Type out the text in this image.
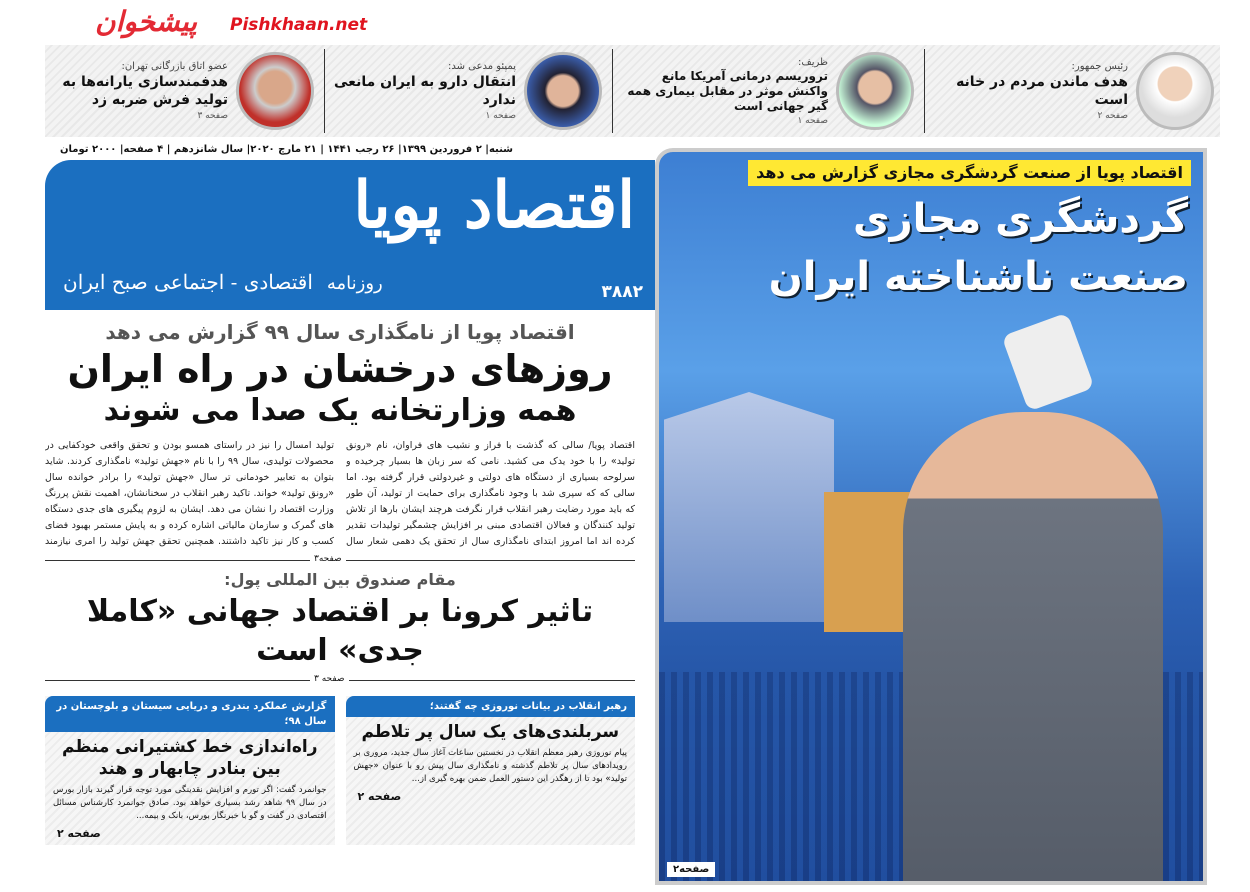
پیشخوان Pishkhaan.net
رئیس جمهور:
هدف ماندن مردم در خانه است
صفحه ۲
ظریف:
تروریسم درمانی آمریکا مانع واکنش موثر در مقابل بیماری همه گیر جهانی است
صفحه ۱
پمپئو مدعی شد:
انتقال دارو به ایران مانعی ندارد
صفحه ۱
عضو اتاق بازرگانی تهران:
هدفمندسازی یارانه‌ها به تولید فرش ضربه زد
صفحه ۳
شنبه| ۲ فروردین ۱۳۹۹| ۲۶ رجب ۱۴۴۱ | ۲۱ مارچ ۲۰۲۰| سال شانزدهم | ۴ صفحه| ۲۰۰۰ تومان
اقتصاد پویا
روزنامه
اقتصادی - اجتماعی صبح ایران	۳۸۸۲
اقتصاد پویا از نامگذاری سال ۹۹ گزارش می دهد
روزهای درخشان در راه ایران
همه وزارتخانه یک صدا می شوند
اقتصاد پویا/ سالی که گذشت با فراز و نشیب های فراوان، نام «رونق تولید» را با خود یدک می کشید. نامی که سر زبان ها بسیار چرخیده و سرلوحه بسیاری از دستگاه های دولتی و غیردولتی قرار گرفته بود. اما سالی که که سپری شد با وجود نامگذاری برای حمایت از تولید، آن طور که باید مورد رضایت رهبر انقلاب قرار نگرفت هرچند ایشان بارها از تلاش تولید کنندگان و فعالان اقتصادی مبنی بر افزایش چشمگیر تولیدات تقدیر کرده اند اما امروز ابتدای نامگذاری سال از تحقق یک دهمی شعار سال
تولید امسال را نیز در راستای همسو بودن و تحقق واقعی خودکفایی در محصولات تولیدی، سال ۹۹ را با نام «جهش تولید» نامگذاری کردند. شاید بتوان به تعابیر خودمانی تر سال «جهش تولید» را برادر خوانده سال «رونق تولید» خواند. تاکید رهبر انقلاب در سخنانشان، اهمیت نقش پررنگ وزارت اقتصاد را نشان می دهد. ایشان به لزوم پیگیری های جدی دستگاه های گمرک و سازمان مالیاتی اشاره کرده و به پایش مستمر بهبود فضای کسب و کار نیز تاکید داشتند. همچنین تحقق جهش تولید را امری نیازمند
صفحه۳
مقام صندوق بین المللی پول:
تاثیر کرونا بر اقتصاد جهانی «کاملا جدی» است
صفحه ۳
رهبر انقلاب در بیانات نوروزی چه گفتند؛
سربلندی‌های یک سال پر تلاطم
پیام نوروزی رهبر معظم انقلاب در نخستین ساعات آغاز سال جدید، مروری بر رویدادهای سال پر تلاطم گذشته و نامگذاری سال پیش رو با عنوان «جهش تولید» بود تا از رهگذر این دستور العمل ضمن بهره گیری از...
صفحه ۲
گزارش عملکرد بندری و دریایی سیستان و بلوچستان در سال ۹۸؛
راه‌اندازی خط کشتیرانی منظم بین بنادر چابهار و هند
جوانمرد گفت: اگر تورم و افزایش نقدینگی مورد توجه قرار گیرند بازار بورس در سال ۹۹ شاهد رشد بسیاری خواهد بود. صادق جوانمرد کارشناس مسائل اقتصادی در گفت و گو با خبرنگار بورس، بانک و بیمه...
صفحه ۲
اقتصاد پویا از صنعت گردشگری مجازی گزارش می دهد
گردشگری مجازی
صنعت ناشناخته ایران
صفحه۲
